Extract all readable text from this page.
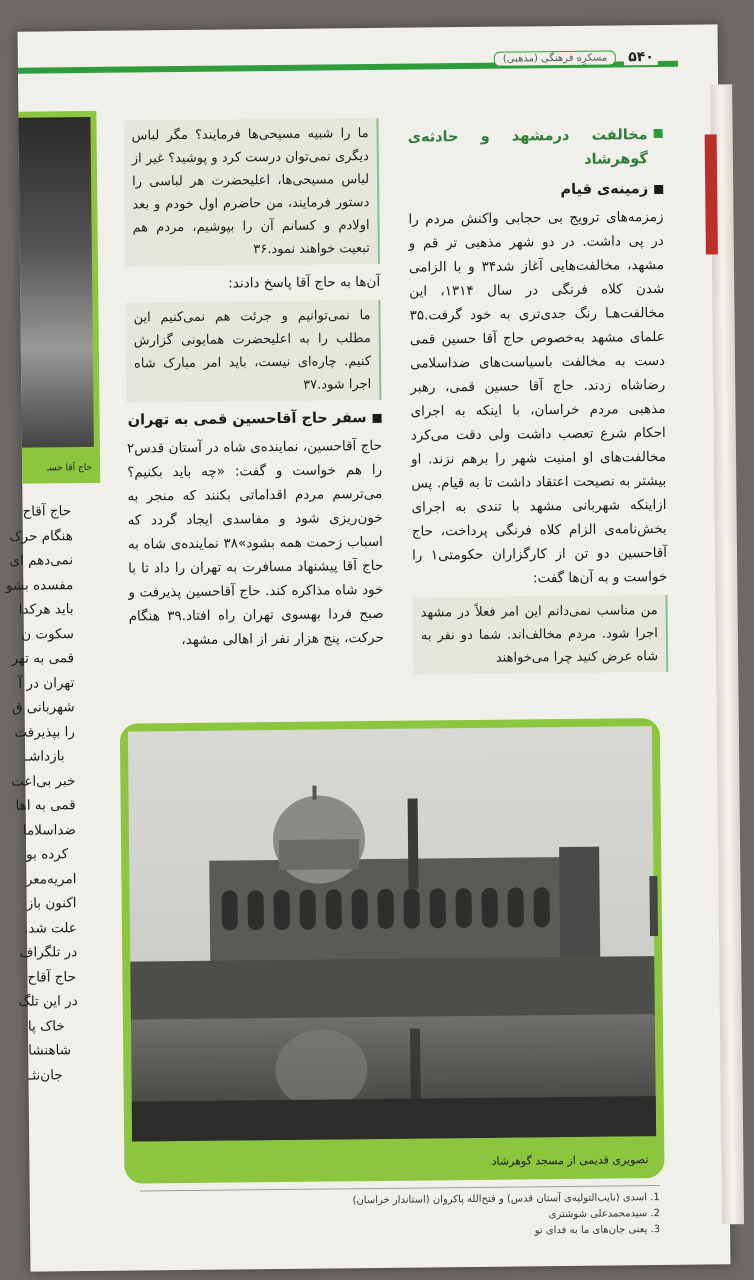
۵۴۰
مسکرِه فرهنگی (مذهبی)
مخالفت درمشهد و حادثه‌ی گوهرشاد
زمینه‌ی قیام

زمزمه‌های ترویج بی حجابی واکنش مردم را در پی داشت. در دو شهر مذهبی تر قم و مشهد، مخالفت‌هایی آغاز شد۳۴ و با الزامی شدن کلاه فرنگی در سال ۱۳۱۴، این مخالفت‌هـا رنگ جدی‌تری به خود گرفت.۳۵ علمای مشهد به‌خصوص حاج آقا حسین قمی دست به مخالفت باسیاست‌های ضداسلامی رضاشاه زدند. حاج آقا حسین قمی، رهبر مذهبی مردم خراسان، با اینکه به اجرای احکام شرع تعصب داشت ولی دقت می‌کرد مخالفت‌های او امنیت شهر را برهم نزند. او بیشتر به نصیحت اعتقاد داشت تا به قیام. پس ازاینکه شهربانی مشهد با تندی به اجرای بخش‌نامه‌ی الزام کلاه فرنگی پرداخت، حاج آقاحسین دو تن از کارگزاران حکومتی۱ را خواست و به آن‌ها گفت:

من مناسب نمی‌دانم این امر فعلاً در مشهد اجرا شود. مردم مخالف‌اند. شما دو نفر به شاه عرض کنید چرا می‌خواهند
ما را شبیه مسیحی‌ها فرمایند؟ مگر لباس دیگری نمی‌توان درست کرد و پوشید؟ غیر از لباس مسیحی‌ها، اعلیحضرت هر لباسی را دستور فرمایند، من حاضرم اول خودم و بعد اولادم و کسانم آن را بپوشیم، مردم هم تبعیت خواهند نمود.۳۶

آن‌ها به حاج آقا پاسخ دادند:

ما نمی‌توانیم و جرئت هم نمی‌کنیم این مطلب را به اعلیحضرت همایونی گزارش کنیم. چاره‌ای نیست، باید امر مبارک شاه اجرا شود.۳۷
سفر حاج آقاحسین قمی به تهران

حاج آقاحسین، نماینده‌ی شاه در آستان قدس۲ را هم خواست و گفت: «چه باید بکنیم؟ می‌ترسم مردم اقداماتی بکنند که منجر به خون‌ریزی شود و مفاسدی ایجاد گردد که اسباب زحمت همه بشود»۳۸ نماینده‌ی شاه به حاج آقا پیشنهاد مسافرت به تهران را داد تا با خود شاه مذاکره کند. حاج آقاحسین پذیرفت و صبح فردا بهسوی تهران راه افتاد.۳۹ هنگام حرکت، پنج هزار نفر از اهالی مشهد،

حاج آقا حسـ
حاج آقاح
هنگام حرک
نمی‌دهم ای
مفسده بشو
باید هرکدا
سکوت ن
قمی به تهر
تهران در آ
شهربانی ق
را بپذیرفت
بازداشـ
خبر بی‌اعت
قمی به اها
ضداسلاما
کرده بو
امریه‌معر
اکنون باز
علت شد.
در تلگراف
حاج آقاح
در این تلگ
خاک پا
شاهنشا
جان‌نثـ
تصویری قدیمی از مسجد گوهرشاد
1. اسدی (نایب‌التولیه‌ی آستان قدس) و فتح‌الله پاکروان (استاندار خراسان)
2. سیدمحمدعلی شوشتری
3. یعنی جان‌های ما به فدای تو
